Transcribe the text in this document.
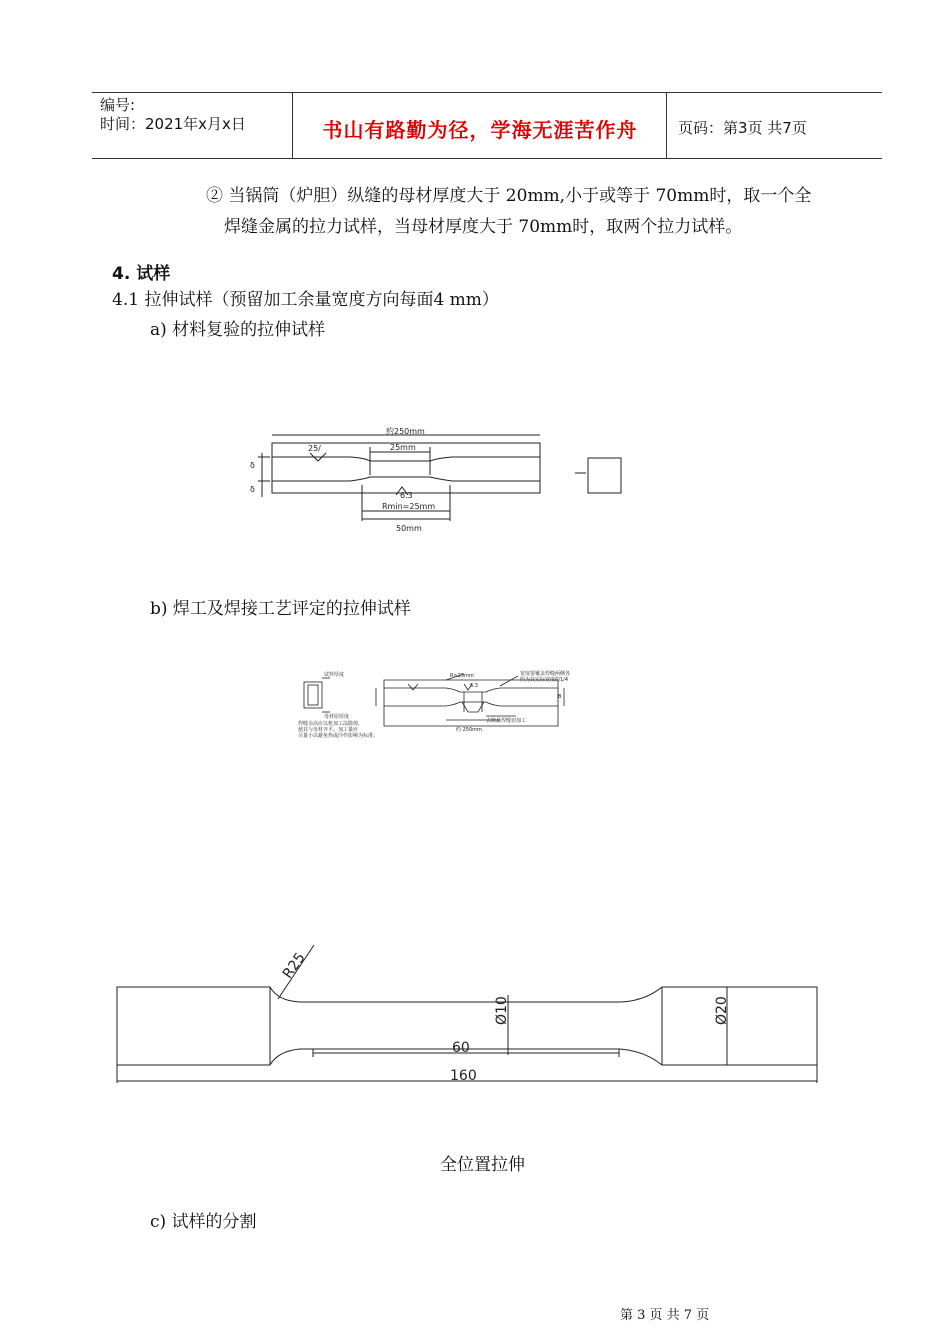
编号:
时间：2021年x月x日	书山有路勤为径，学海无涯苦作舟	页码：第3页 共7页
② 当锅筒（炉胆）纵缝的母材厚度大于 20mm,小于或等于 70mm时，取一个全
焊缝金属的拉力试样，当母材厚度大于 70mm时，取两个拉力试样。
4. 试样
4.1 拉伸试样（预留加工余量宽度方向每面4 mm）
a) 材料复验的拉伸试样
約250mm
25mm
25/
6.3
Rmin=25mm
50mm
δ
δ
b) 焊工及焊接工艺评定的拉伸试样
试样厚度
母材原厚度
焊缝余高应以机加工法除掉，
使其与母材齐平。加工量应
尽量小以避免热或冷作影响为标准。
R≥25mm
6.3
宽度要覆盖焊缝两侧各
约为其实际宽度的1/4
去除最焊缝切加工
约 250mm
B
R25
Ø10	Ø20
60
160
全位置拉伸
c) 试样的分割
第 3 页 共 7 页
